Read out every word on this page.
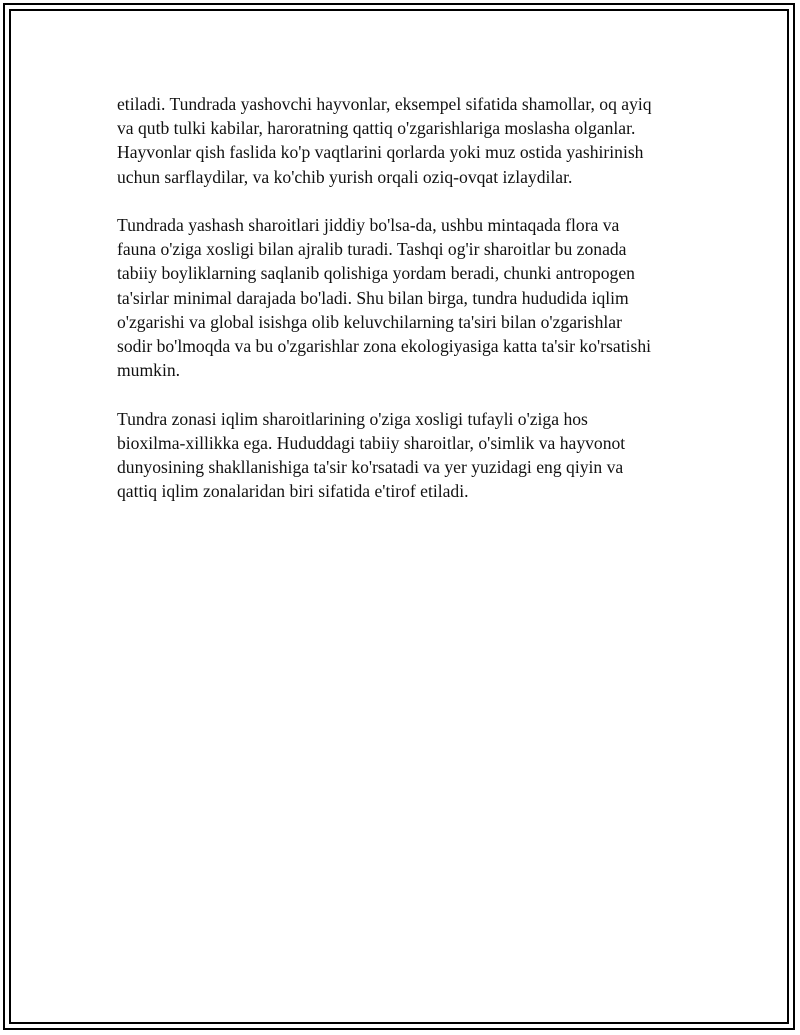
etiladi. Tundrada yashovchi hayvonlar, eksempel sifatida shamollar, oq ayiq
va qutb tulki kabilar, haroratning qattiq o'zgarishlariga moslasha olganlar.
Hayvonlar qish faslida ko'p vaqtlarini qorlarda yoki muz ostida yashirinish
uchun sarflaydilar, va ko'chib yurish orqali oziq-ovqat izlaydilar.

Tundrada yashash sharoitlari jiddiy bo'lsa-da, ushbu mintaqada flora va
fauna o'ziga xosligi bilan ajralib turadi. Tashqi og'ir sharoitlar bu zonada
tabiiy boyliklarning saqlanib qolishiga yordam beradi, chunki antropogen
ta'sirlar minimal darajada bo'ladi. Shu bilan birga, tundra hududida iqlim
o'zgarishi va global isishga olib keluvchilarning ta'siri bilan o'zgarishlar
sodir bo'lmoqda va bu o'zgarishlar zona ekologiyasiga katta ta'sir ko'rsatishi
mumkin.

Tundra zonasi iqlim sharoitlarining o'ziga xosligi tufayli o'ziga hos
bioxilma-xillikka ega. Hududdagi tabiiy sharoitlar, o'simlik va hayvonot
dunyosining shakllanishiga ta'sir ko'rsatadi va yer yuzidagi eng qiyin va
qattiq iqlim zonalaridan biri sifatida e'tirof etiladi.
